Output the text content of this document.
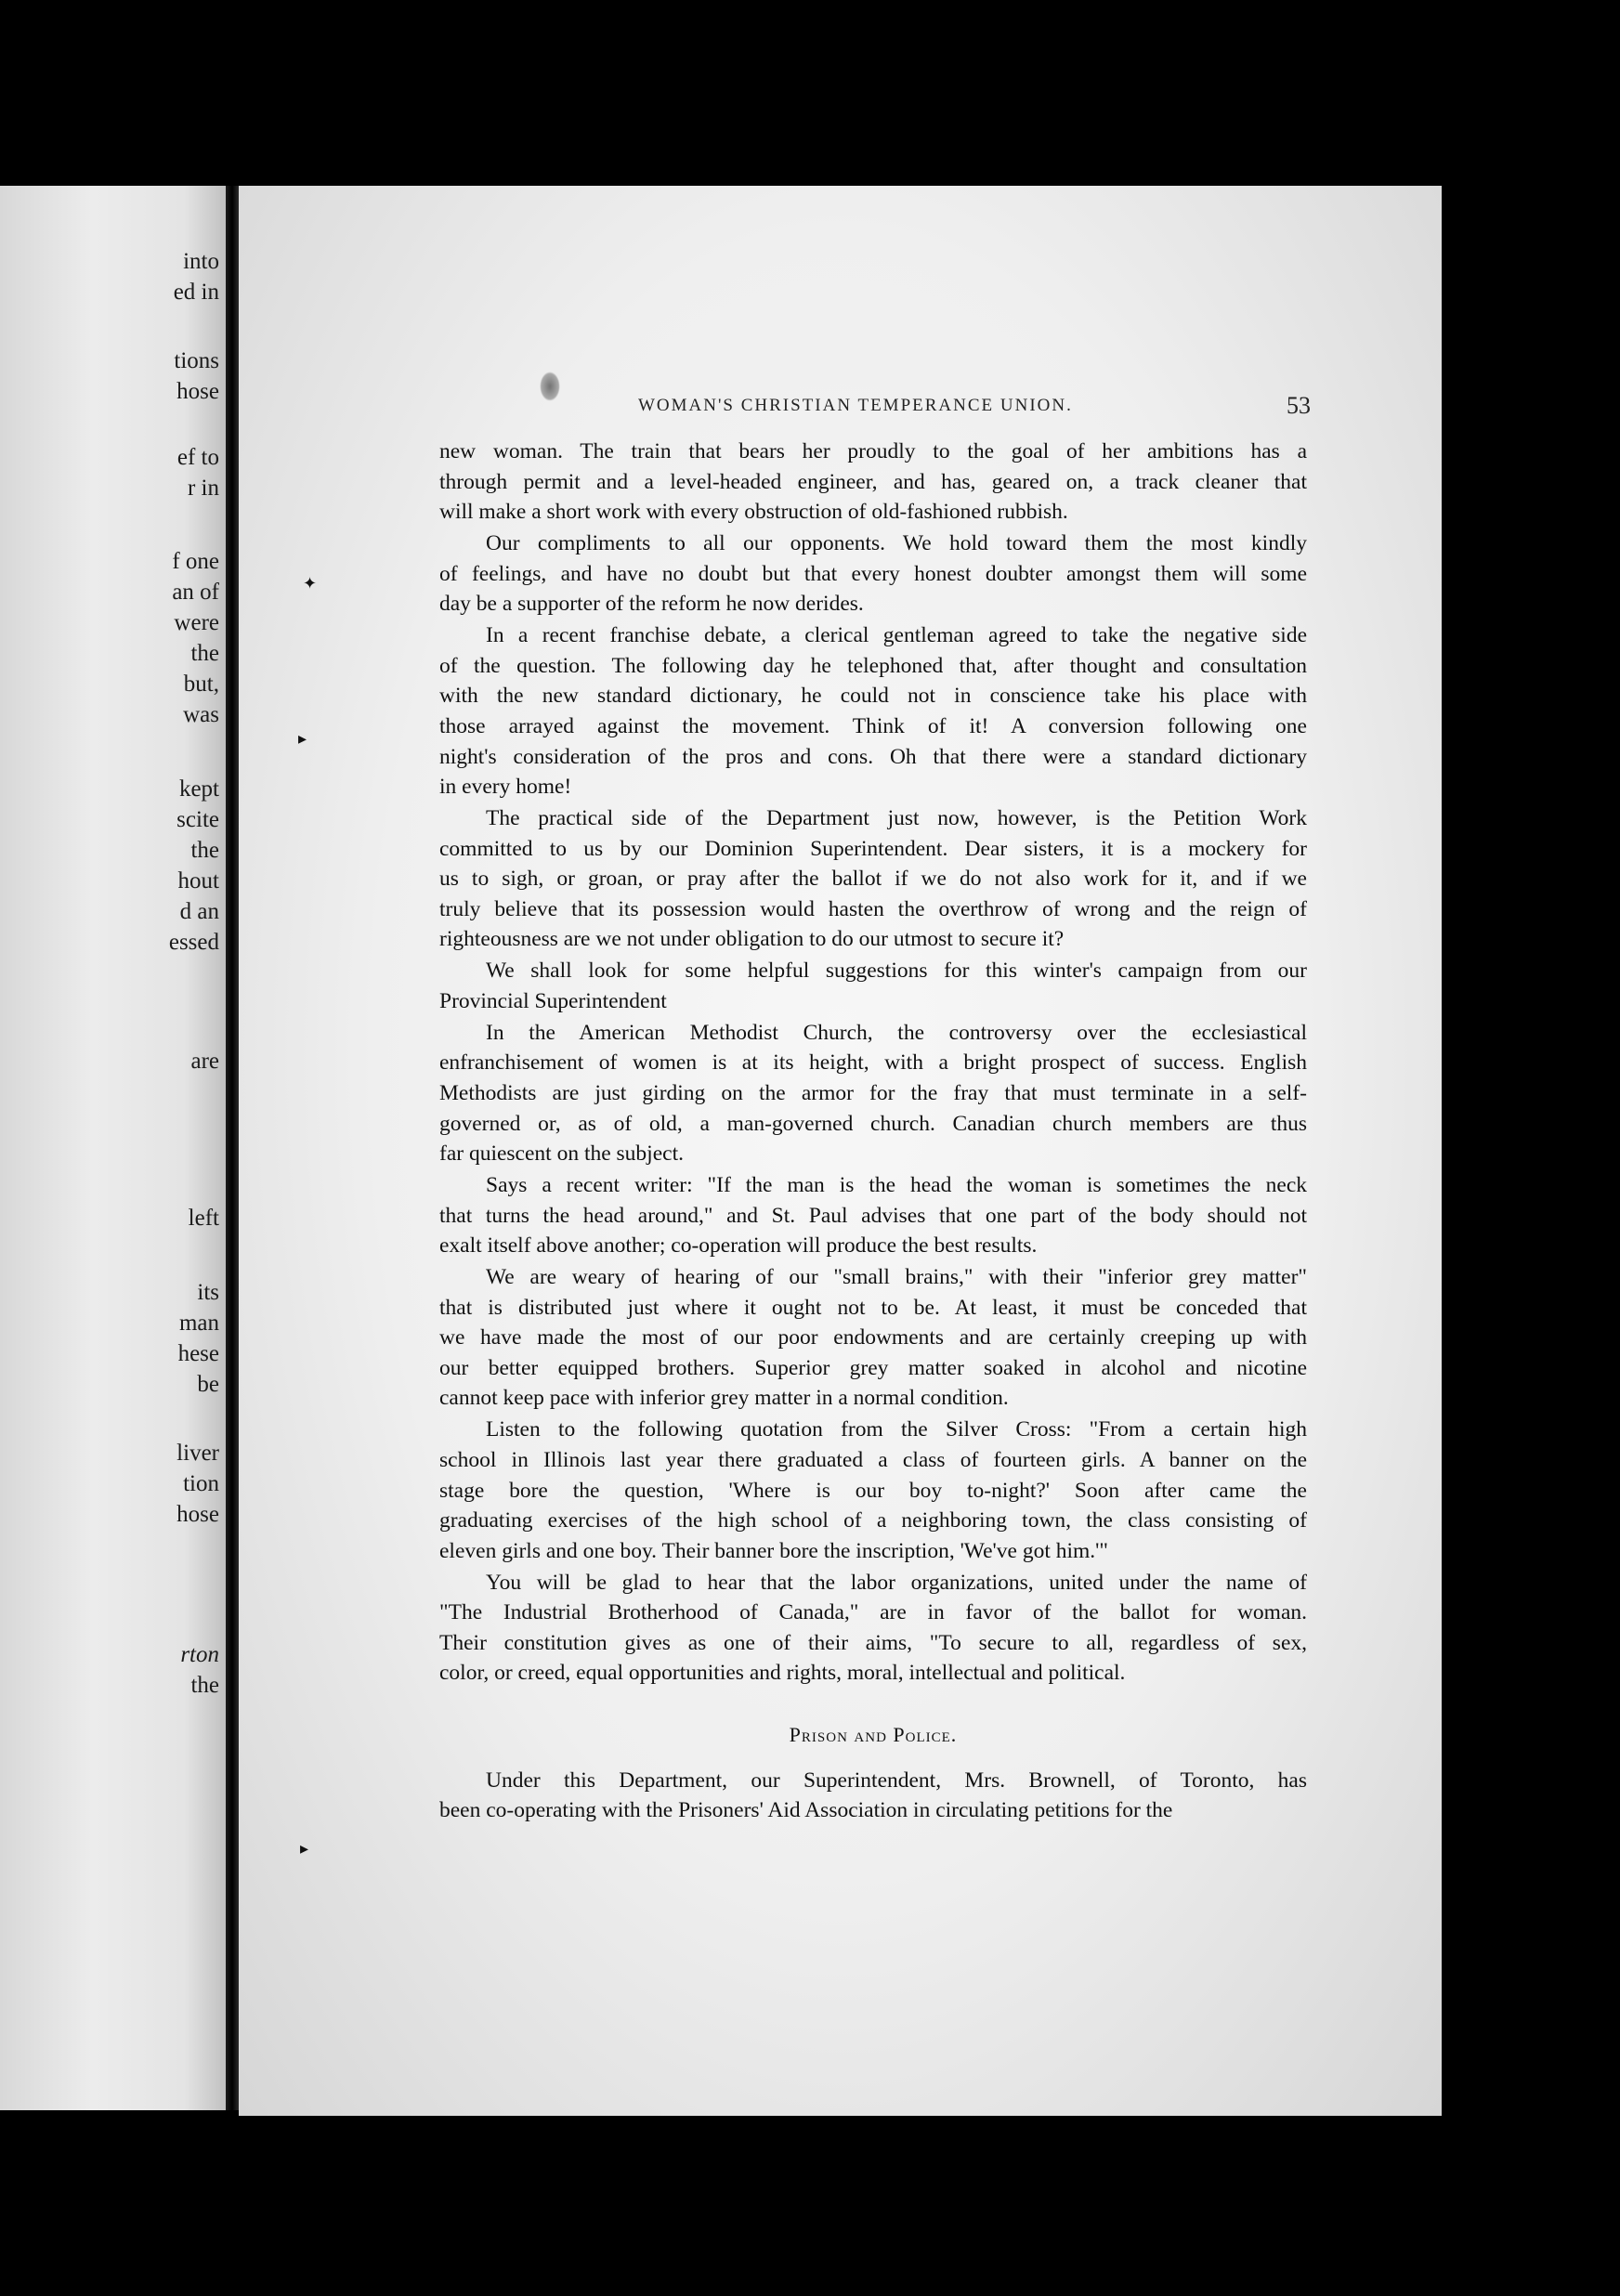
into
ed in
tions
hose
ef to
r in
f one
an of
were
the
but,
was
kept
scite
the
hout
d an
essed
are
left
its
man
hese
be
liver
tion
hose
rton
the
WOMAN'S CHRISTIAN TEMPERANCE UNION.	53

new woman. The train that bears her proudly to the goal of her ambitions has a
through permit and a level-headed engineer, and has, geared on, a track cleaner that
will make a short work with every obstruction of old-fashioned rubbish.

Our compliments to all our opponents. We hold toward them the most kindly
of feelings, and have no doubt but that every honest doubter amongst them will some
day be a supporter of the reform he now derides.

In a recent franchise debate, a clerical gentleman agreed to take the negative side
of the question. The following day he telephoned that, after thought and consultation
with the new standard dictionary, he could not in conscience take his place with
those arrayed against the movement. Think of it! A conversion following one
night's consideration of the pros and cons. Oh that there were a standard dictionary
in every home!

The practical side of the Department just now, however, is the Petition Work
committed to us by our Dominion Superintendent. Dear sisters, it is a mockery for
us to sigh, or groan, or pray after the ballot if we do not also work for it, and if we
truly believe that its possession would hasten the overthrow of wrong and the reign of
righteousness are we not under obligation to do our utmost to secure it?

We shall look for some helpful suggestions for this winter's campaign from our
Provincial Superintendent

In the American Methodist Church, the controversy over the ecclesiastical
enfranchisement of women is at its height, with a bright prospect of success. English
Methodists are just girding on the armor for the fray that must terminate in a self-
governed or, as of old, a man-governed church. Canadian church members are thus
far quiescent on the subject.

Says a recent writer: "If the man is the head the woman is sometimes the neck
that turns the head around," and St. Paul advises that one part of the body should not
exalt itself above another; co-operation will produce the best results.

We are weary of hearing of our "small brains," with their "inferior grey matter"
that is distributed just where it ought not to be. At least, it must be conceded that
we have made the most of our poor endowments and are certainly creeping up with
our better equipped brothers. Superior grey matter soaked in alcohol and nicotine
cannot keep pace with inferior grey matter in a normal condition.

Listen to the following quotation from the Silver Cross: "From a certain high
school in Illinois last year there graduated a class of fourteen girls. A banner on the
stage bore the question, 'Where is our boy to-night?' Soon after came the
graduating exercises of the high school of a neighboring town, the class consisting of
eleven girls and one boy. Their banner bore the inscription, 'We've got him.'"

You will be glad to hear that the labor organizations, united under the name of
"The Industrial Brotherhood of Canada," are in favor of the ballot for woman.
Their constitution gives as one of their aims, "To secure to all, regardless of sex,
color, or creed, equal opportunities and rights, moral, intellectual and political.

Prison and Police.

Under this Department, our Superintendent, Mrs. Brownell, of Toronto, has
been co-operating with the Prisoners' Aid Association in circulating petitions for the

✦
▸
▸
